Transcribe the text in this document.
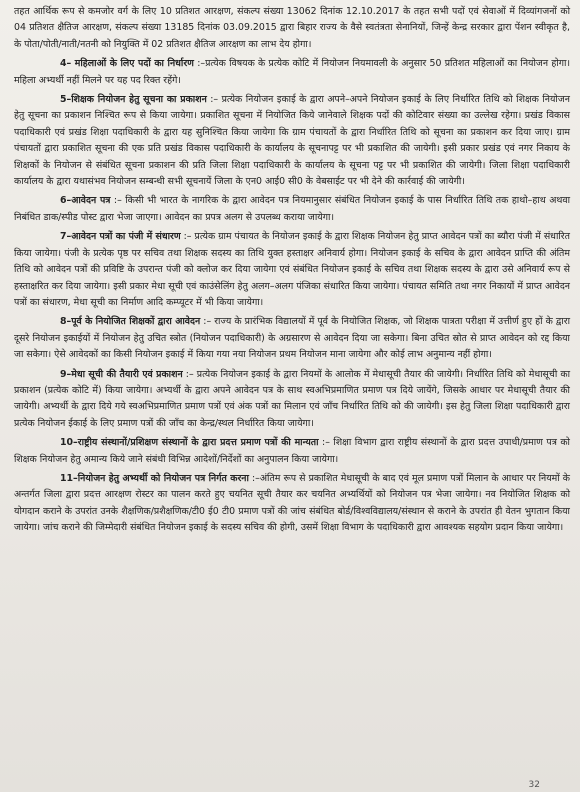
तहत आर्थिक रूप से कमजोर वर्ग के लिए 10 प्रतिशत आरक्षण, संकल्प संख्या 13062 दिनांक 12.10.2017 के तहत सभी पदों एवं सेवाओं में दिव्यांगजनों को 04 प्रतिशत क्षैतिज आरक्षण, संकल्प संख्या 13185 दिनांक 03.09.2015 द्वारा बिहार राज्य के वैसे स्वतंत्रता सेनानियों, जिन्हें केन्द्र सरकार द्वारा पेंशन स्वीकृत है, के पोता/पोती/नाती/नतनी को नियुक्ति में 02 प्रतिशत क्षैतिज आरक्षण का लाभ देय होगा।

4– महिलाओं के लिए पदों का निर्धारण :–प्रत्येक विषयक के प्रत्येक कोटि में नियोजन नियमावली के अनुसार 50 प्रतिशत महिलाओं का नियोजन होगा। महिला अभ्यर्थी नहीं मिलने पर यह पद रिक्त रहेंगे।

5–शिक्षक नियोजन हेतु सूचना का प्रकाशन :– प्रत्येक नियोजन इकाई के द्वारा अपने–अपने नियोजन इकाई के लिए निर्धारित तिथि को शिक्षक नियोजन हेतु सूचना का प्रकाशन निश्चित रूप से किया जायेगा। प्रकाशित सूचना में नियोजित किये जानेवाले शिक्षक पदों की कोटिवार संख्या का उल्लेख रहेगा। प्रखंड विकास पदाधिकारी एवं प्रखंड शिक्षा पदाधिकारी के द्वारा यह सुनिश्चित किया जायेगा कि ग्राम पंचायतों के द्वारा निर्धारित तिथि को सूचना का प्रकाशन कर दिया जाए। ग्राम पंचायतों द्वारा प्रकाशित सूचना की एक प्रति प्रखंड विकास पदाधिकारी के कार्यालय के सूचनापट्ट पर भी प्रकाशित की जायेगी। इसी प्रकार प्रखंड एवं नगर निकाय के शिक्षकों के नियोजन से संबंधित सूचना प्रकाशन की प्रति जिला शिक्षा पदाधिकारी के कार्यालय के सूचना पट्ट पर भी प्रकाशित की जायेगी। जिला शिक्षा पदाधिकारी कार्यालय के द्वारा यथासंभव नियोजन सम्बन्धी सभी सूचनायें जिला के एन0 आई0 सी0 के वेबसाईट पर भी देने की कार्रवाई की जायेगी।

6–आवेदन पत्र :– किसी भी भारत के नागरिक के द्वारा आवेदन पत्र नियमानुसार संबंधित नियोजन इकाई के पास निर्धारित तिथि तक हाथो–हाथ अथवा निबंधित डाक/स्पीड पोस्ट द्वारा भेजा जाएगा। आवेदन का प्रपत्र अलग से उपलब्ध कराया जायेगा।

7–आवेदन पत्रों का पंजी में संधारण :– प्रत्येक ग्राम पंचायत के नियोजन इकाई के द्वारा शिक्षक नियोजन हेतु प्राप्त आवेदन पत्रों का ब्यौरा पंजी में संधारित किया जायेगा। पंजी के प्रत्येक पृष्ठ पर सचिव तथा शिक्षक सदस्य का तिथि युक्त हस्ताक्षर अनिवार्य होगा। नियोजन इकाई के सचिव के द्वारा आवेदन प्राप्ति की अंतिम तिथि को आवेदन पत्रों की प्रविष्टि के उपरान्त पंजी को क्लोज कर दिया जायेगा एवं संबंधित नियोजन इकाई के सचिव तथा शिक्षक सदस्य के द्वारा उसे अनिवार्य रूप से हस्ताक्षरित कर दिया जायेगा। इसी प्रकार मेधा सूची एवं काउंसेलिंग हेतु अलग–अलग पंजिका संधारित किया जायेगा। पंचायत समिति तथा नगर निकायों में प्राप्त आवेदन पत्रों का संधारण, मेधा सूची का निर्माण आदि कम्प्यूटर में भी किया जायेगा।

8–पूर्व के नियोजित शिक्षकों द्वारा आवेदन :– राज्य के प्रारंभिक विद्यालयों में पूर्व के नियोजित शिक्षक, जो शिक्षक पात्रता परीक्षा में उत्तीर्ण हुए हों के द्वारा दूसरे नियोजन इकाईयों में नियोजन हेतु उचित स्त्रोत (नियोजन पदाधिकारी) के अग्रसारण से आवेदन दिया जा सकेगा। बिना उचित स्रोत से प्राप्त आवेदन को रद्द किया जा सकेगा। ऐसे आवेदकों का किसी नियोजन इकाई में किया गया नया नियोजन प्रथम नियोजन माना जायेगा और कोई लाभ अनुमान्य नहीं होगा।

9–मेधा सूची की तैयारी एवं प्रकाशन :– प्रत्येक नियोजन इकाई के द्वारा नियमों के आलोक में मेधासूची तैयार की जायेगी। निर्धारित तिथि को मेधासूची का प्रकाशन (प्रत्येक कोटि में) किया जायेगा। अभ्यर्थी के द्वारा अपने आवेदन पत्र के साथ स्वअभिप्रमाणित प्रमाण पत्र दिये जायेंगे, जिसके आधार पर मेधासूची तैयार की जायेगी। अभ्यर्थी के द्वारा दिये गये स्वअभिप्रमाणित प्रमाण पत्रों एवं अंक पत्रों का मिलान एवं जाँच निर्धारित तिथि को की जायेगी। इस हेतु जिला शिक्षा पदाधिकारी द्वारा प्रत्येक नियोजन ईकाई के लिए प्रमाण पत्रों की जाँच का केन्द्र/स्थल निर्धारित किया जायेगा।

10–राष्ट्रीय संस्थानों/प्रशिक्षण संस्थानों के द्वारा प्रदत्त प्रमाण पत्रों की मान्यता :– शिक्षा विभाग द्वारा राष्ट्रीय संस्थानों के द्वारा प्रदत्त उपाधी/प्रमाण पत्र को शिक्षक नियोजन हेतु अमान्य किये जाने संबंधी विभिन्न आदेशों/निर्देशों का अनुपालन किया जायेगा।

11–नियोजन हेतु अभ्यर्थी को नियोजन पत्र निर्गत करना :–अंतिम रूप से प्रकाशित मेधासूची के बाद एवं मूल प्रमाण पत्रों मिलान के आधार पर नियमों के अन्तर्गत जिला द्वारा प्रदत्त आरक्षण रोस्टर का पालन करते हुए चयनित सूची तैयार कर चयनित अभ्यर्थियों को नियोजन पत्र भेजा जायेगा। नव नियोजित शिक्षक को योगदान कराने के उपरांत उनके शैक्षणिक/प्रशैक्षणिक/टी0 ई0 टी0 प्रमाण पत्रों की जांच संबंधित बोर्ड/विश्वविद्यालय/संस्थान से कराने के उपरांत ही वेतन भुगतान किया जायेगा। जांच कराने की जिम्मेदारी संबंधित नियोजन इकाई के सदस्य सचिव की होगी, उसमें शिक्षा विभाग के पदाधिकारी द्वारा आवश्यक सहयोग प्रदान किया जायेगा।

32
